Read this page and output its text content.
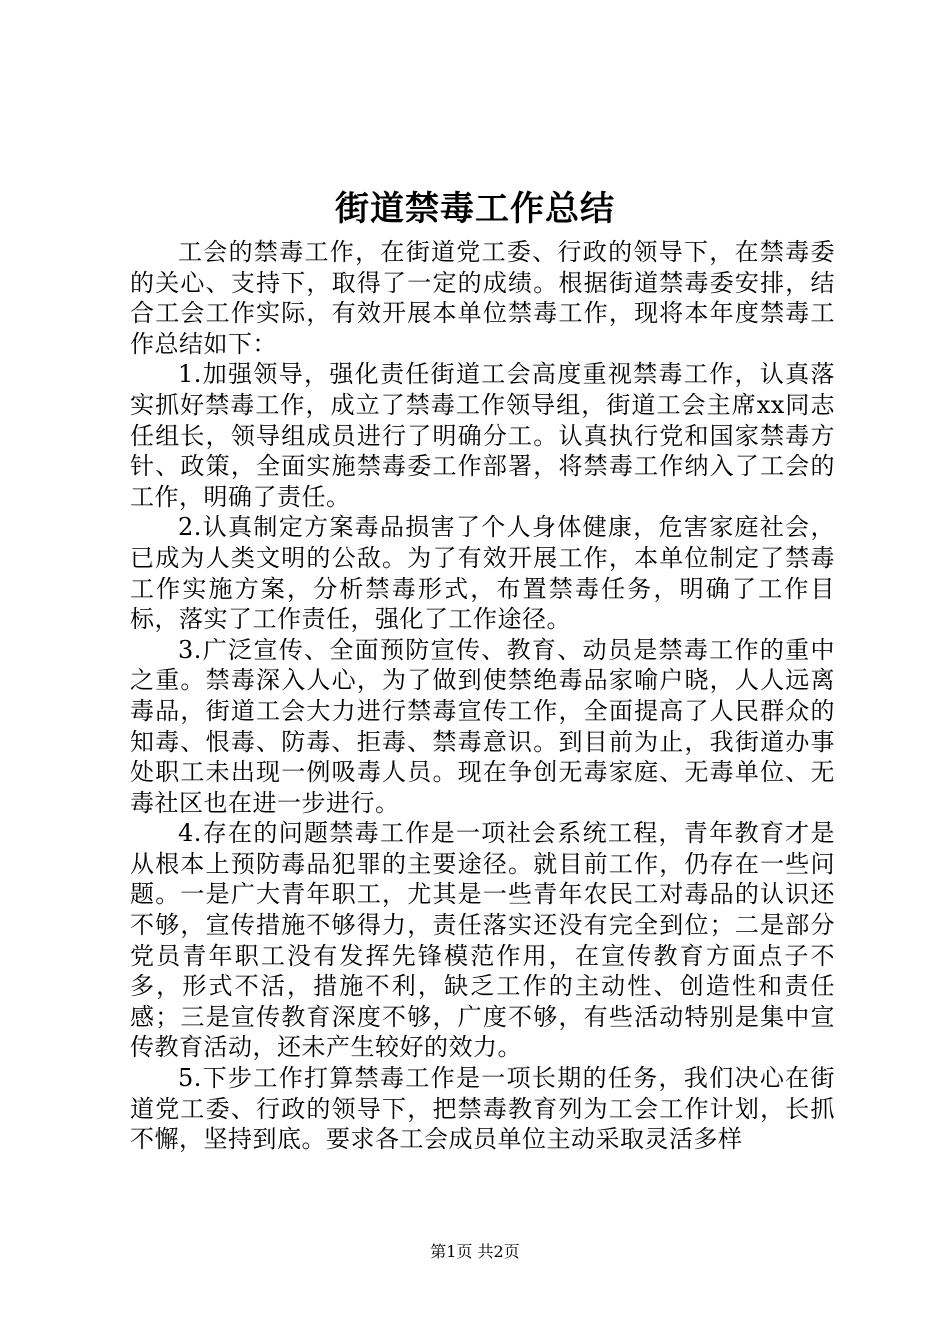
街道禁毒工作总结

工会的禁毒工作，在街道党工委、行政的领导下，在禁毒委的关心、支持下，取得了一定的成绩。根据街道禁毒委安排，结合工会工作实际，有效开展本单位禁毒工作，现将本年度禁毒工作总结如下：

1.加强领导，强化责任街道工会高度重视禁毒工作，认真落实抓好禁毒工作，成立了禁毒工作领导组，街道工会主席xx同志任组长，领导组成员进行了明确分工。认真执行党和国家禁毒方针、政策，全面实施禁毒委工作部署，将禁毒工作纳入了工会的工作，明确了责任。

2.认真制定方案毒品损害了个人身体健康，危害家庭社会，已成为人类文明的公敌。为了有效开展工作，本单位制定了禁毒工作实施方案，分析禁毒形式，布置禁毒任务，明确了工作目标，落实了工作责任，强化了工作途径。

3.广泛宣传、全面预防宣传、教育、动员是禁毒工作的重中之重。禁毒深入人心，为了做到使禁绝毒品家喻户晓，人人远离毒品，街道工会大力进行禁毒宣传工作，全面提高了人民群众的知毒、恨毒、防毒、拒毒、禁毒意识。到目前为止，我街道办事处职工未出现一例吸毒人员。现在争创无毒家庭、无毒单位、无毒社区也在进一步进行。

4.存在的问题禁毒工作是一项社会系统工程，青年教育才是从根本上预防毒品犯罪的主要途径。就目前工作，仍存在一些问题。一是广大青年职工，尤其是一些青年农民工对毒品的认识还不够，宣传措施不够得力，责任落实还没有完全到位；二是部分党员青年职工没有发挥先锋模范作用，在宣传教育方面点子不多，形式不活，措施不利，缺乏工作的主动性、创造性和责任感；三是宣传教育深度不够，广度不够，有些活动特别是集中宣传教育活动，还未产生较好的效力。

5.下步工作打算禁毒工作是一项长期的任务，我们决心在街道党工委、行政的领导下，把禁毒教育列为工会工作计划，长抓不懈，坚持到底。要求各工会成员单位主动采取灵活多样

第1页 共2页
